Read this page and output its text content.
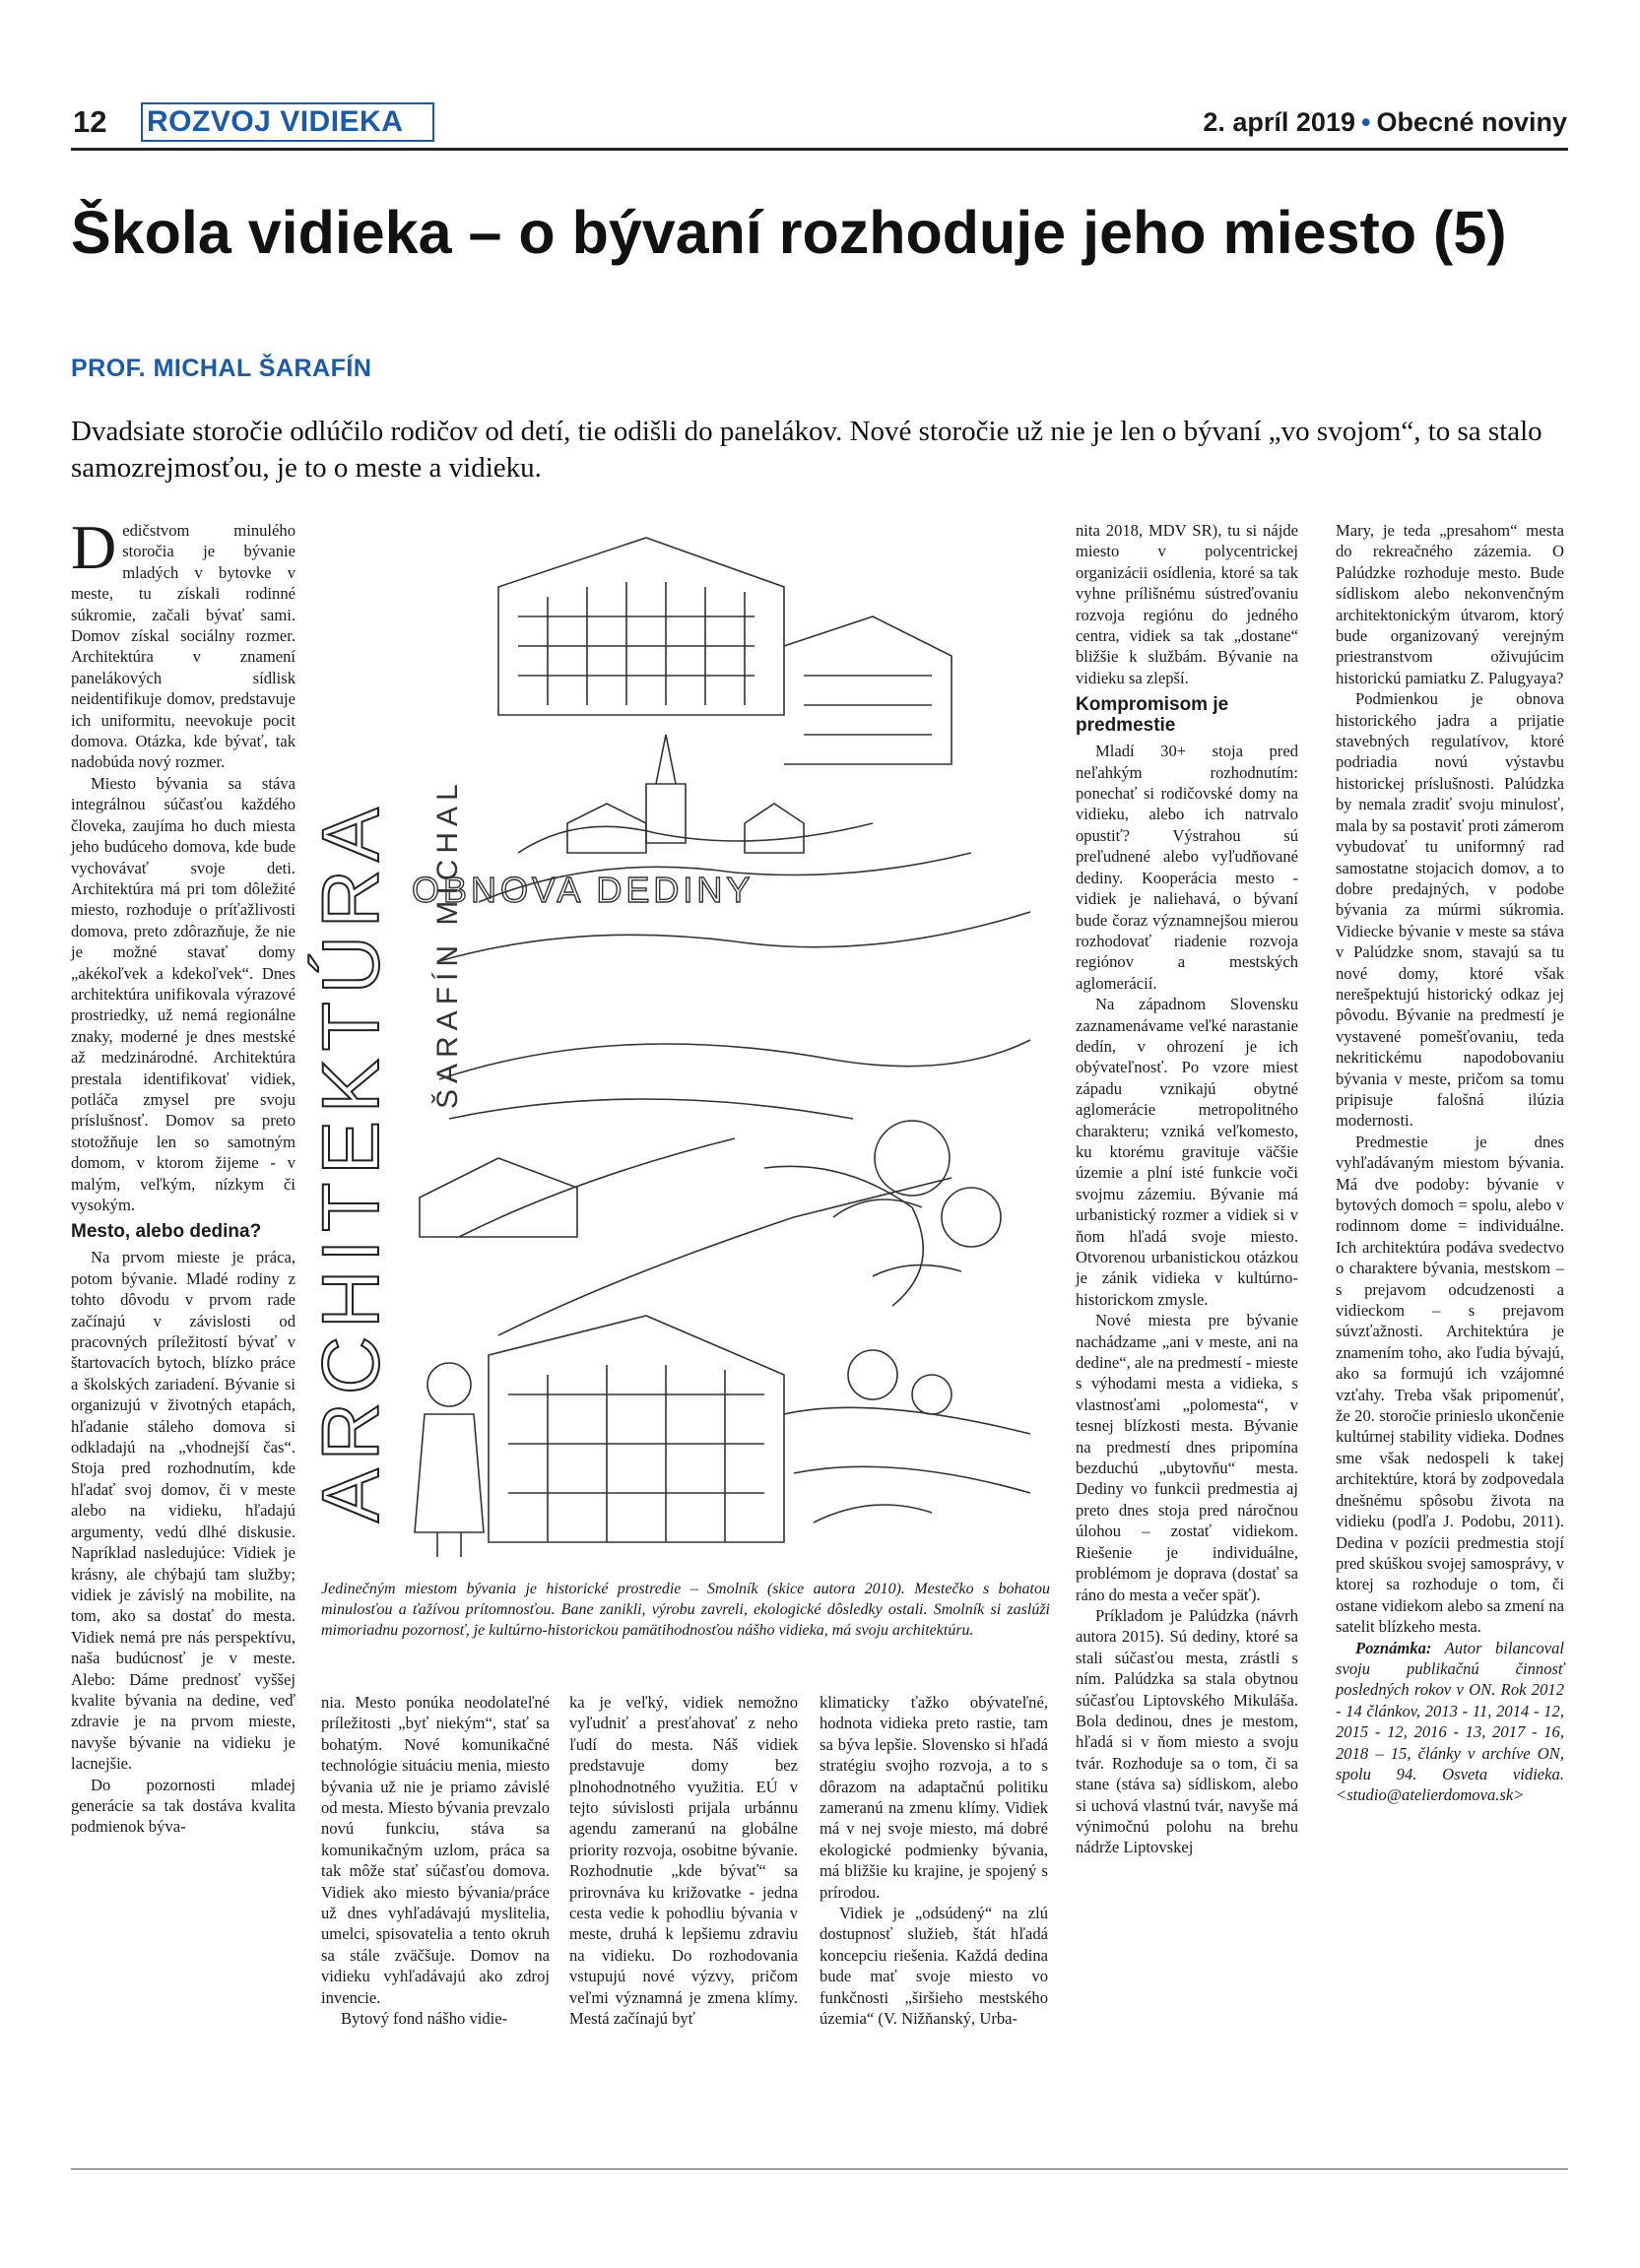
12 ROZVOJ VIDIEKA	2. apríl 2019 • Obecné noviny
Škola vidieka – o bývaní rozhoduje jeho miesto (5)
PROF. MICHAL ŠARAFÍN
Dvadsiate storočie odlúčilo rodičov od detí, tie odišli do panelákov. Nové storočie už nie je len o bývaní „vo svojom“, to sa stalo samozrejmosťou, je to o meste a vidieku.

Dedičstvom minulého storočia je bývanie mladých v bytovke v meste, tu získali rodinné súkromie, začali bývať sami. Domov získal sociálny rozmer. Architektúra v znamení panelákových sídlisk neidentifikuje domov, predstavuje ich uniformitu, neevokuje pocit domova. Otázka, kde bývať, tak nadobúda nový rozmer.

Miesto bývania sa stáva integrálnou súčasťou každého človeka, zaujíma ho duch miesta jeho budúceho domova, kde bude vychovávať svoje deti. Architektúra má pri tom dôležité miesto, rozhoduje o príťažlivosti domova, preto zdôrazňuje, že nie je možné stavať domy „akékoľvek a kdekoľvek“. Dnes architektúra unifikovala výrazové prostriedky, už nemá regionálne znaky, moderné je dnes mestské až medzinárodné. Architektúra prestala identifikovať vidiek, potláča zmysel pre svoju príslušnosť. Domov sa preto stotožňuje len so samotným domom, v ktorom žijeme - v malým, veľkým, nízkym či vysokým.

Mesto, alebo dedina?

Na prvom mieste je práca, potom bývanie. Mladé rodiny z tohto dôvodu v prvom rade začínajú v závislosti od pracovných príležitostí bývať v štartovacích bytoch, blízko práce a školských zariadení. Bývanie si organizujú v životných etapách, hľadanie stáleho domova si odkladajú na „vhodnejší čas“. Stoja pred rozhodnutím, kde hľadať svoj domov, či v meste alebo na vidieku, hľadajú argumenty, vedú dlhé diskusie. Napríklad nasledujúce: Vidiek je krásny, ale chýbajú tam služby; vidiek je závislý na mobilite, na tom, ako sa dostať do mesta. Vidiek nemá pre nás perspektívu, naša budúcnosť je v meste. Alebo: Dáme prednosť vyššej kvalite bývania na dedine, veď zdravie je na prvom mieste, navyše bývanie na vidieku je lacnejšie.

Do pozornosti mladej generácie sa tak dostáva kvalita podmienok býva-

ARCHITEKTÚRA ŠARAFÍN MICHAL
OBNOVA DEDINY
Jedinečným miestom bývania je historické prostredie – Smolník (skice autora 2010). Mestečko s bohatou minulosťou a ťažívou prítomnosťou. Bane zanikli, výrobu zavreli, ekologické dôsledky ostali. Smolník si zaslúži mimoriadnu pozornosť, je kultúrno-historickou pamätihodnosťou nášho vidieka, má svoju architektúru.

nia. Mesto ponúka neodolateľné príležitosti „byť niekým“, stať sa bohatým. Nové komunikačné technológie situáciu menia, miesto bývania už nie je priamo závislé od mesta. Miesto bývania prevzalo novú funkciu, stáva sa komunikačným uzlom, práca sa tak môže stať súčasťou domova. Vidiek ako miesto bývania/práce už dnes vyhľadávajú myslitelia, umelci, spisovatelia a tento okruh sa stále zväčšuje. Domov na vidieku vyhľadávajú ako zdroj invencie.

Bytový fond nášho vidie-

ka je veľký, vidiek nemožno vyľudniť a presťahovať z neho ľudí do mesta. Náš vidiek predstavuje domy bez plnohodnotného využitia. EÚ v tejto súvislosti prijala urbánnu agendu zameranú na globálne priority rozvoja, osobitne bývanie. Rozhodnutie „kde bývať“ sa prirovnáva ku križovatke - jedna cesta vedie k pohodliu bývania v meste, druhá k lepšiemu zdraviu na vidieku. Do rozhodovania vstupujú nové výzvy, pričom veľmi významná je zmena klímy. Mestá začínajú byť

klimaticky ťažko obývateľné, hodnota vidieka preto rastie, tam sa býva lepšie. Slovensko si hľadá stratégiu svojho rozvoja, a to s dôrazom na adaptačnú politiku zameranú na zmenu klímy. Vidiek má v nej svoje miesto, má dobré ekologické podmienky bývania, má bližšie ku krajine, je spojený s prírodou.

Vidiek je „odsúdený“ na zlú dostupnosť služieb, štát hľadá koncepciu riešenia. Každá dedina bude mať svoje miesto vo funkčnosti „širšieho mestského územia“ (V. Nižňanský, Urba-

nita 2018, MDV SR), tu si nájde miesto v polycentrickej organizácii osídlenia, ktoré sa tak vyhne prílišnému sústreďovaniu rozvoja regiónu do jedného centra, vidiek sa tak „dostane“ bližšie k službám. Bývanie na vidieku sa zlepší.

Kompromisom je predmestie

Mladí 30+ stoja pred neľahkým rozhodnutím: ponechať si rodičovské domy na vidieku, alebo ich natrvalo opustiť? Výstrahou sú preľudnené alebo vyľudňované dediny. Kooperácia mesto - vidiek je naliehavá, o bývaní bude čoraz významnejšou mierou rozhodovať riadenie rozvoja regiónov a mestských aglomerácií.

Na západnom Slovensku zaznamenávame veľké narastanie dedín, v ohrození je ich obývateľnosť. Po vzore miest západu vznikajú obytné aglomerácie metropolitného charakteru; vzniká veľkomesto, ku ktorému gravituje väčšie územie a plní isté funkcie voči svojmu zázemiu. Bývanie má urbanistický rozmer a vidiek si v ňom hľadá svoje miesto. Otvorenou urbanistickou otázkou je zánik vidieka v kultúrno-historickom zmysle.

Nové miesta pre bývanie nachádzame „ani v meste, ani na dedine“, ale na predmestí - mieste s výhodami mesta a vidieka, s vlastnosťami „polomesta“, v tesnej blízkosti mesta. Bývanie na predmestí dnes pripomína bezduchú „ubytovňu“ mesta. Dediny vo funkcii predmestia aj preto dnes stoja pred náročnou úlohou – zostať vidiekom. Riešenie je individuálne, problémom je doprava (dostať sa ráno do mesta a večer späť).

Príkladom je Palúdzka (návrh autora 2015). Sú dediny, ktoré sa stali súčasťou mesta, zrástli s ním. Palúdzka sa stala obytnou súčasťou Liptovského Mikuláša. Bola dedinou, dnes je mestom, hľadá si v ňom miesto a svoju tvár. Rozhoduje sa o tom, či sa stane (stáva sa) sídliskom, alebo si uchová vlastnú tvár, navyše má výnimočnú polohu na brehu nádrže Liptovskej

Mary, je teda „presahom“ mesta do rekreačného zázemia. O Palúdzke rozhoduje mesto. Bude sídliskom alebo nekonvenčným architektonickým útvarom, ktorý bude organizovaný verejným priestranstvom oživujúcim historickú pamiatku Z. Palugyaya?

Podmienkou je obnova historického jadra a prijatie stavebných regulatívov, ktoré podriadia novú výstavbu historickej príslušnosti. Palúdzka by nemala zradiť svoju minulosť, mala by sa postaviť proti zámerom vybudovať tu uniformný rad samostatne stojacich domov, a to dobre predajných, v podobe bývania za múrmi súkromia. Vidiecke bývanie v meste sa stáva v Palúdzke snom, stavajú sa tu nové domy, ktoré však nerešpektujú historický odkaz jej pôvodu. Bývanie na predmestí je vystavené pomešťovaniu, teda nekritickému napodobovaniu bývania v meste, pričom sa tomu pripisuje falošná ilúzia modernosti.

Predmestie je dnes vyhľadávaným miestom bývania. Má dve podoby: bývanie v bytových domoch = spolu, alebo v rodinnom dome = individuálne. Ich architektúra podáva svedectvo o charaktere bývania, mestskom – s prejavom odcudzenosti a vidieckom – s prejavom súvzťažnosti. Architektúra je znamením toho, ako ľudia bývajú, ako sa formujú ich vzájomné vzťahy. Treba však pripomenúť, že 20. storočie prinieslo ukončenie kultúrnej stability vidieka. Dodnes sme však nedospeli k takej architektúre, ktorá by zodpovedala dnešnému spôsobu života na vidieku (podľa J. Podobu, 2011). Dedina v pozícii predmestia stojí pred skúškou svojej samosprávy, v ktorej sa rozhoduje o tom, či ostane vidiekom alebo sa zmení na satelit blízkeho mesta.

Poznámka: Autor bilancoval svoju publikačnú činnosť posledných rokov v ON. Rok 2012 - 14 článkov, 2013 - 11, 2014 - 12, 2015 - 12, 2016 - 13, 2017 - 16, 2018 – 15, články v archíve ON, spolu 94. Osveta vidieka. <studio@atelierdomova.sk>
